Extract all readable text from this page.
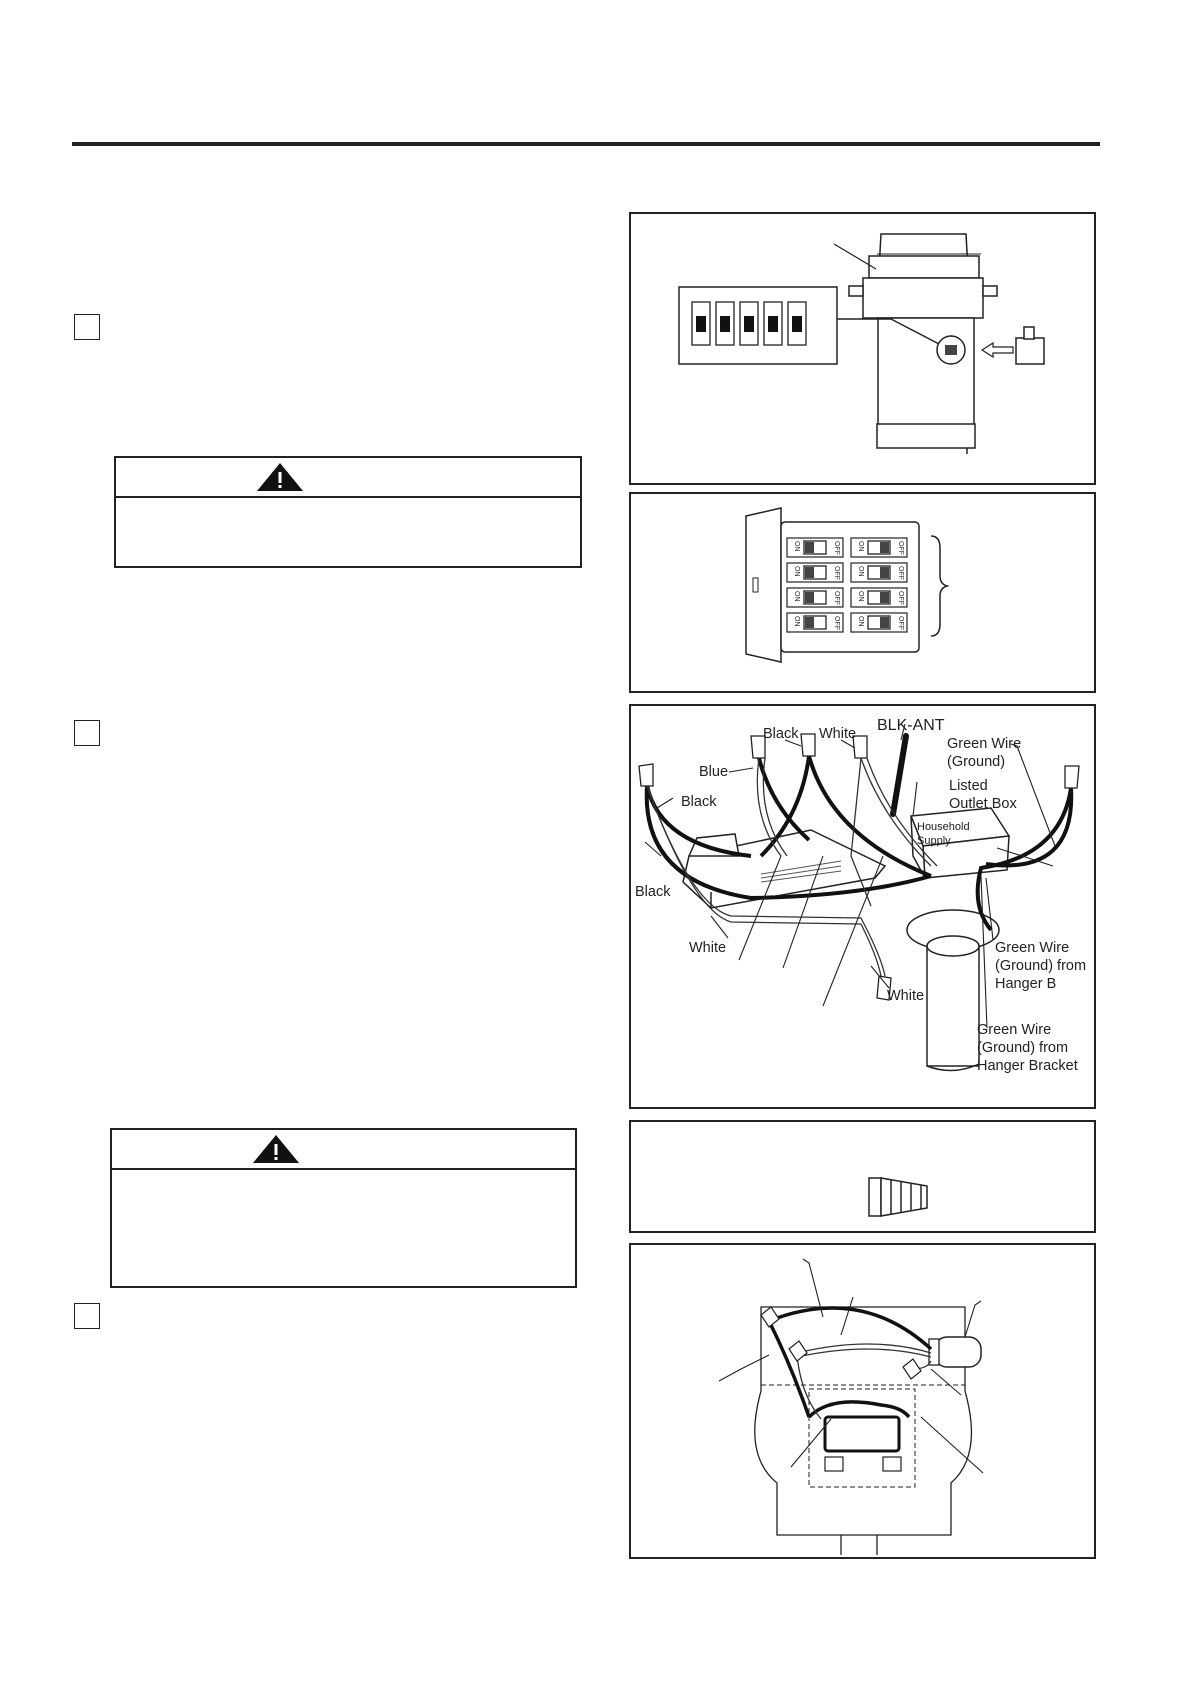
ON	OFF ON	OFF
ON	OFF ON	OFF
ON	OFF ON	OFF
ON	OFF ON	OFF
Black White BLK-ANT
Blue
Black
Black
White
White
Green Wire
(Ground)
Listed
Outlet Box
Household
Supply
Green Wire
(Ground) from
Hanger B
Green Wire
(Ground) from
Hanger Bracket
